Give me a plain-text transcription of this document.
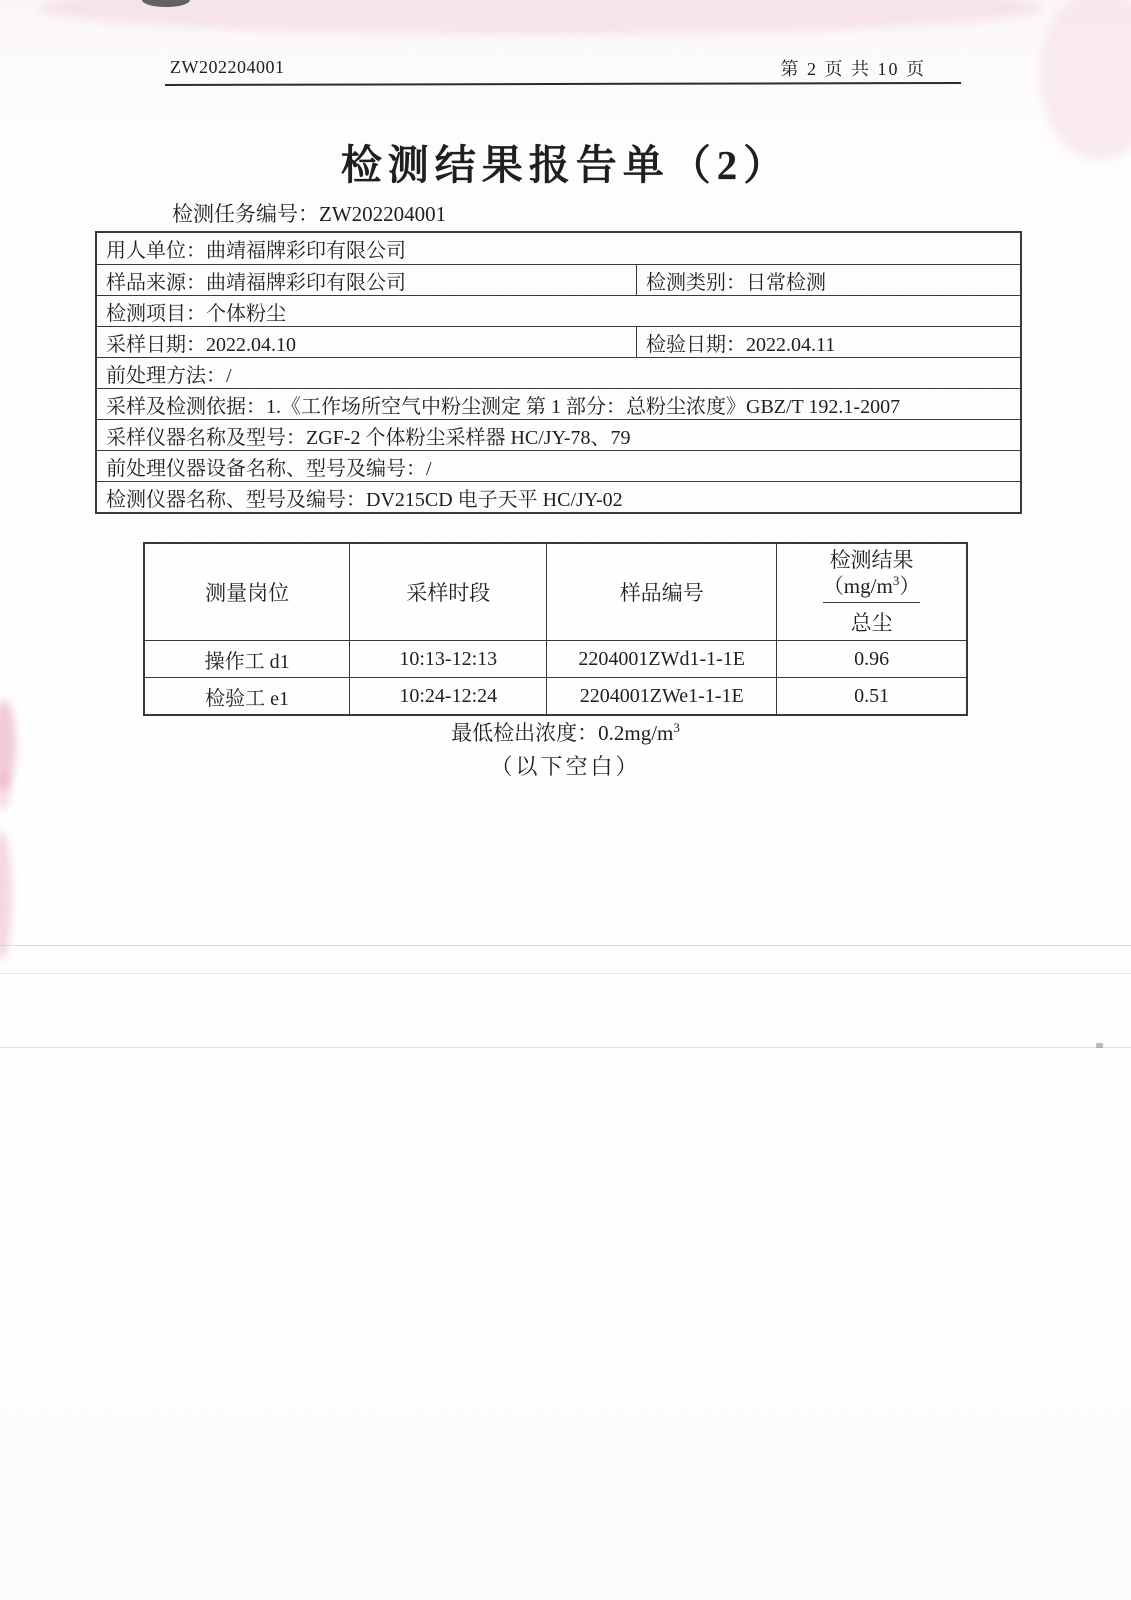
ZW202204001	第 2 页 共 10 页
检测结果报告单（2）
检测任务编号：ZW202204001
用人单位：曲靖福牌彩印有限公司
样品来源：曲靖福牌彩印有限公司	检测类别：日常检测
检测项目：个体粉尘
采样日期：2022.04.10	检验日期：2022.04.11
前处理方法：/
采样及检测依据：1.《工作场所空气中粉尘测定 第 1 部分：总粉尘浓度》GBZ/T 192.1-2007
采样仪器名称及型号：ZGF-2 个体粉尘采样器 HC/JY-78、79
前处理仪器设备名称、型号及编号：/
检测仪器名称、型号及编号：DV215CD 电子天平 HC/JY-02
测量岗位	采样时段	样品编号
检测结果
$(mg/m^3)$
总尘
操作工 d1	10:13-12:13	2204001ZWd1-1-1E	0.96
检验工 e1	10:24-12:24	2204001ZWe1-1-1E	0.51
最低检出浓度：$0.2mg/m^3$
（以下空白）
